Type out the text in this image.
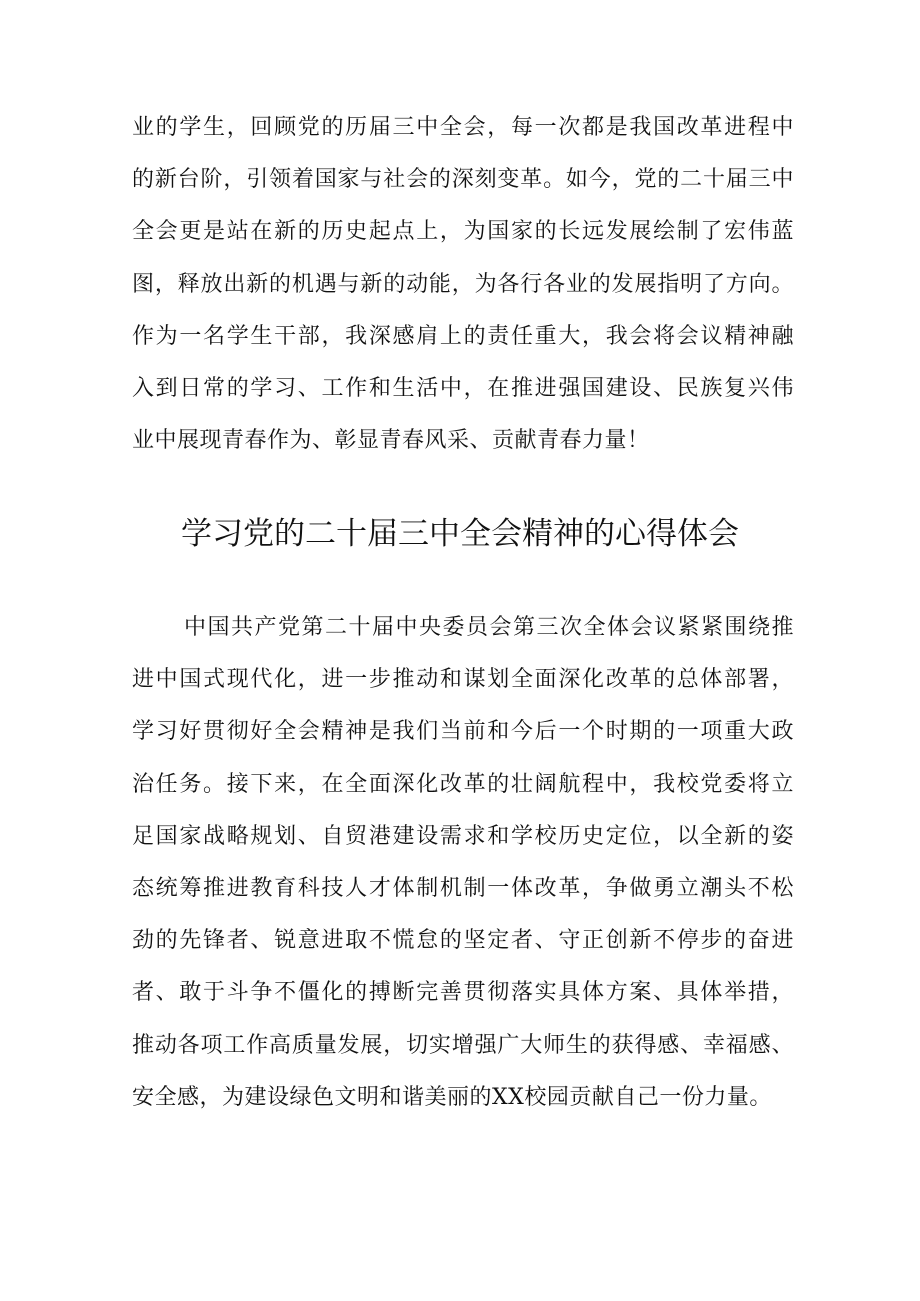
业的学生，回顾党的历届三中全会，每一次都是我国改革进程中
的新台阶，引领着国家与社会的深刻变革。如今，党的二十届三中
全会更是站在新的历史起点上，为国家的长远发展绘制了宏伟蓝
图，释放出新的机遇与新的动能，为各行各业的发展指明了方向。
作为一名学生干部，我深感肩上的责任重大，我会将会议精神融
入到日常的学习、工作和生活中，在推进强国建设、民族复兴伟
业中展现青春作为、彰显青春风采、贡献青春力量！
学习党的二十届三中全会精神的心得体会
中国共产党第二十届中央委员会第三次全体会议紧紧围绕推
进中国式现代化，进一步推动和谋划全面深化改革的总体部署，
学习好贯彻好全会精神是我们当前和今后一个时期的一项重大政
治任务。接下来，在全面深化改革的壮阔航程中，我校党委将立
足国家战略规划、自贸港建设需求和学校历史定位，以全新的姿
态统筹推进教育科技人才体制机制一体改革，争做勇立潮头不松
劲的先锋者、锐意进取不慌怠的坚定者、守正创新不停步的奋进
者、敢于斗争不僵化的搏断完善贯彻落实具体方案、具体举措，
推动各项工作高质量发展，切实增强广大师生的获得感、幸福感、
安全感，为建设绿色文明和谐美丽的XX校园贡献自己一份力量。
